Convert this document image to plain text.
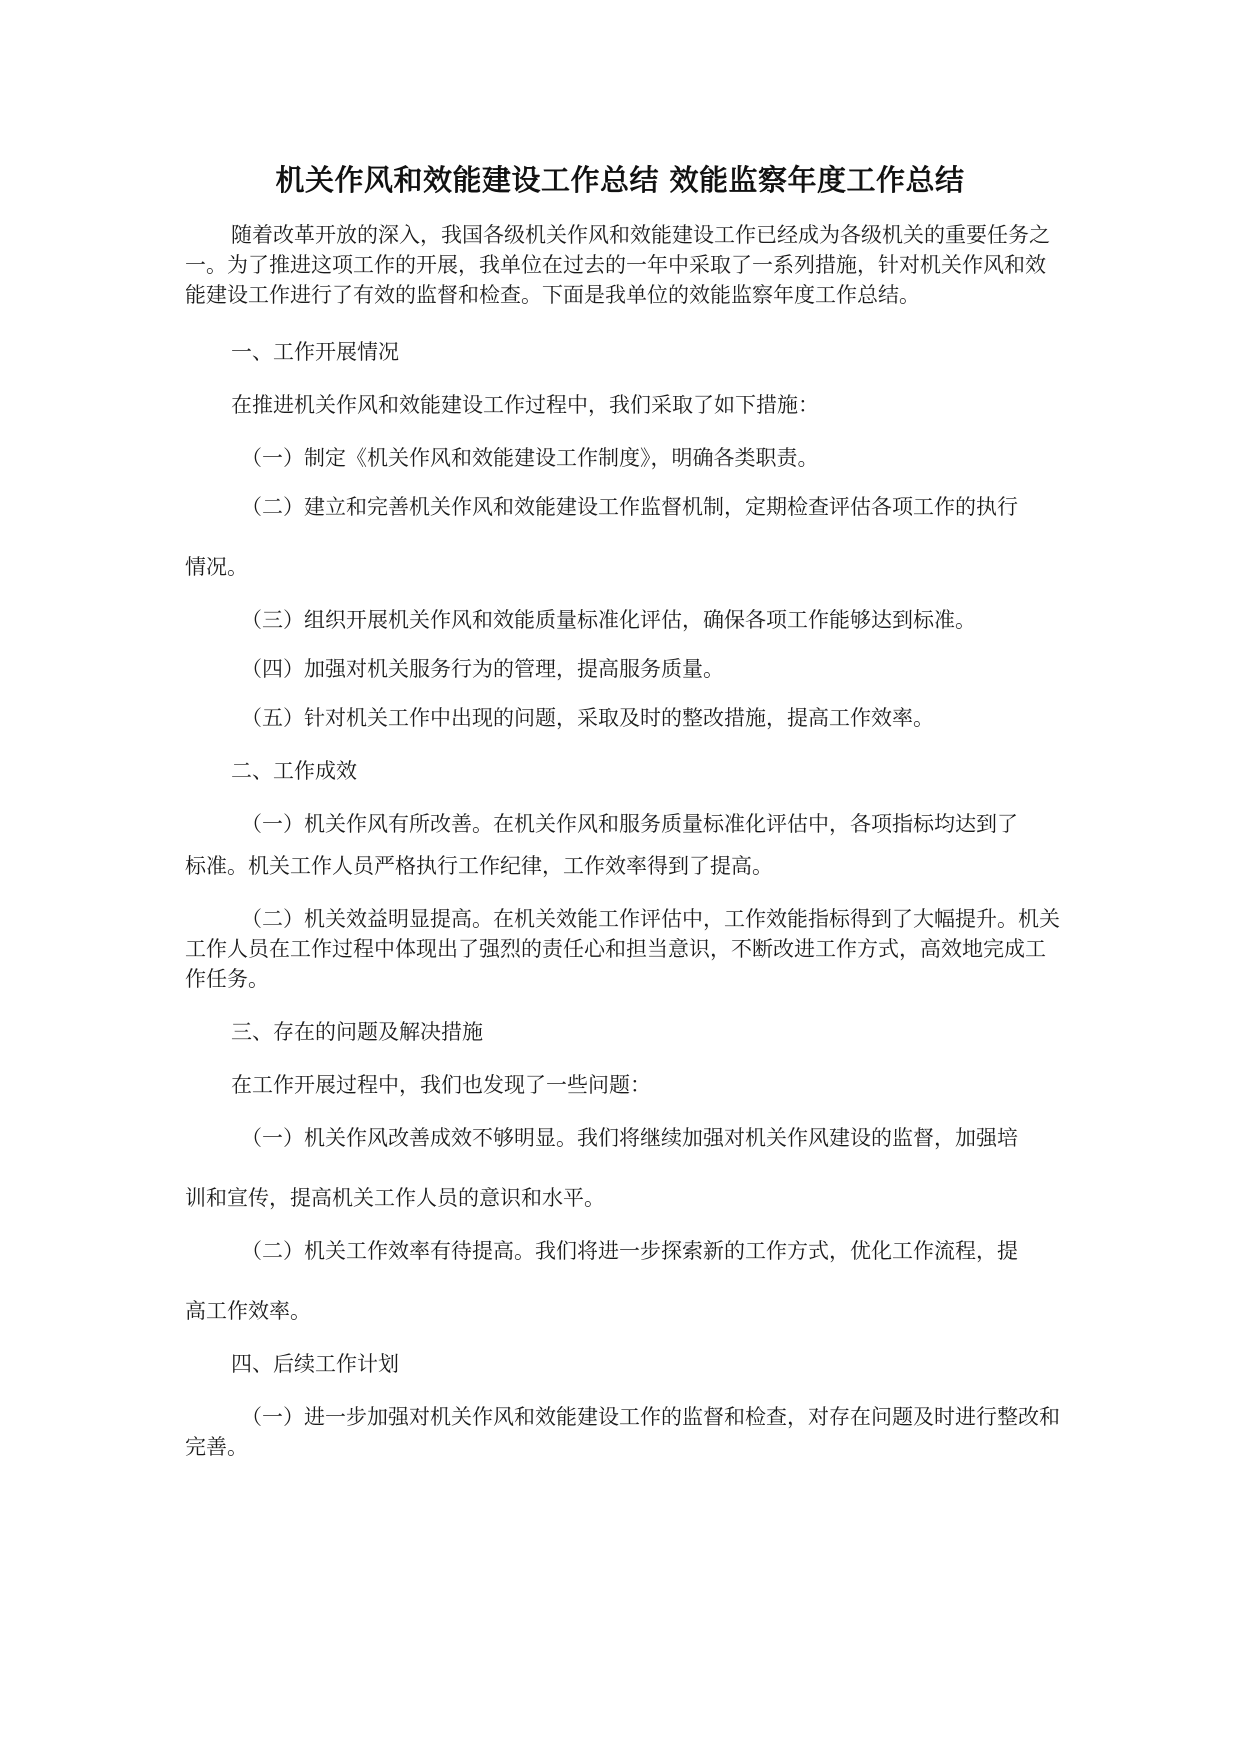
机关作风和效能建设工作总结 效能监察年度工作总结

随着改革开放的深入，我国各级机关作风和效能建设工作已经成为各级机关的重要任务之一。为了推进这项工作的开展，我单位在过去的一年中采取了一系列措施，针对机关作风和效能建设工作进行了有效的监督和检查。下面是我单位的效能监察年度工作总结。

一、工作开展情况

在推进机关作风和效能建设工作过程中，我们采取了如下措施：

（一）制定《机关作风和效能建设工作制度》，明确各类职责。

（二）建立和完善机关作风和效能建设工作监督机制，定期检查评估各项工作的执行

情况。

（三）组织开展机关作风和效能质量标准化评估，确保各项工作能够达到标准。

（四）加强对机关服务行为的管理，提高服务质量。

（五）针对机关工作中出现的问题，采取及时的整改措施，提高工作效率。

二、工作成效

（一）机关作风有所改善。在机关作风和服务质量标准化评估中，各项指标均达到了

标准。机关工作人员严格执行工作纪律，工作效率得到了提高。

（二）机关效益明显提高。在机关效能工作评估中，工作效能指标得到了大幅提升。机关工作人员在工作过程中体现出了强烈的责任心和担当意识，不断改进工作方式，高效地完成工作任务。

三、存在的问题及解决措施

在工作开展过程中，我们也发现了一些问题：

（一）机关作风改善成效不够明显。我们将继续加强对机关作风建设的监督，加强培

训和宣传，提高机关工作人员的意识和水平。

（二）机关工作效率有待提高。我们将进一步探索新的工作方式，优化工作流程，提

高工作效率。

四、后续工作计划

（一）进一步加强对机关作风和效能建设工作的监督和检查，对存在问题及时进行整改和完善。
